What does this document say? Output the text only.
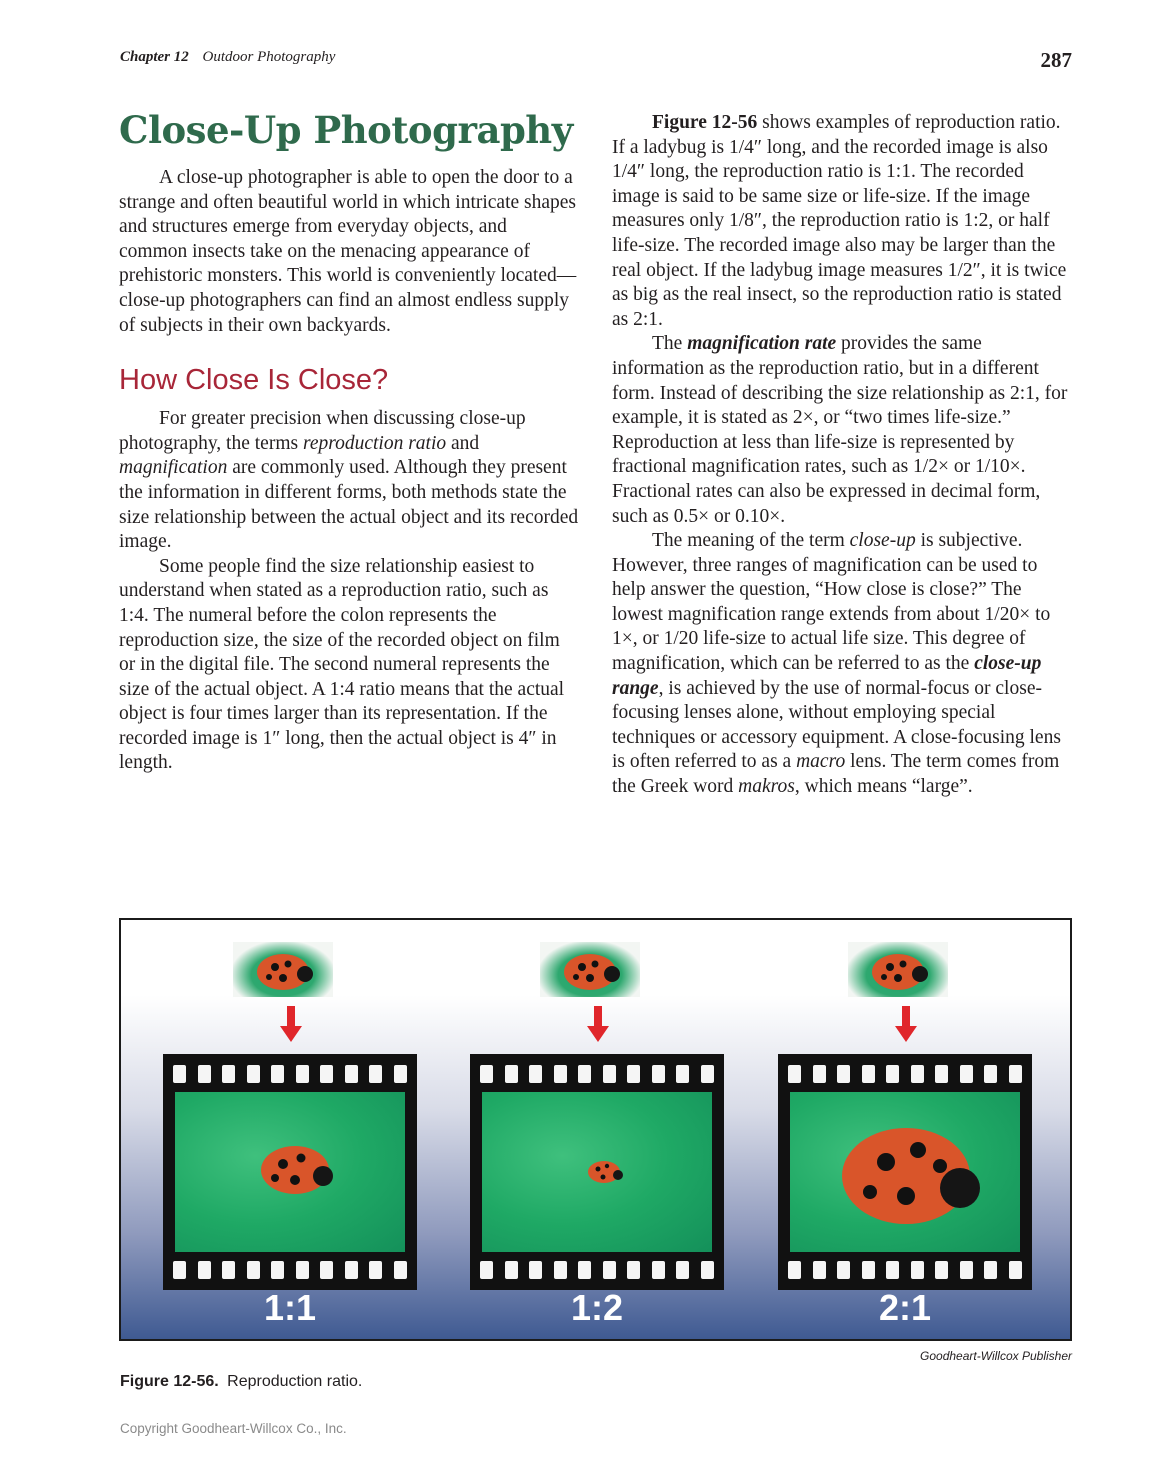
Chapter 12 Outdoor Photography	287
Close-Up Photography

A close-up photographer is able to open the door to a strange and often beautiful world in which intricate shapes and structures emerge from everyday objects, and common insects take on the menacing appearance of prehistoric monsters. This world is conveniently located—close-up photographers can find an almost endless supply of subjects in their own backyards.

How Close Is Close?

For greater precision when discussing close-up photography, the terms reproduction ratio and magnification are commonly used. Although they present the information in different forms, both methods state the size relationship between the actual object and its recorded image.

Some people find the size relationship easiest to understand when stated as a reproduction ratio, such as 1:4. The numeral before the colon represents the reproduction size, the size of the recorded object on film or in the digital file. The second numeral represents the size of the actual object. A 1:4 ratio means that the actual object is four times larger than its representation. If the recorded image is 1″ long, then the actual object is 4″ in length.

Figure 12-56 shows examples of reproduction ratio. If a ladybug is 1/4″ long, and the recorded image is also 1/4″ long, the reproduction ratio is 1:1. The recorded image is said to be same size or life-size. If the image measures only 1/8″, the reproduction ratio is 1:2, or half life-size. The recorded image also may be larger than the real object. If the ladybug image measures 1/2″, it is twice as big as the real insect, so the reproduction ratio is stated as 2:1.

The magnification rate provides the same information as the reproduction ratio, but in a different form. Instead of describing the size relationship as 2:1, for example, it is stated as 2×, or “two times life-size.” Reproduction at less than life-size is represented by fractional magnification rates, such as 1/2× or 1/10×. Fractional rates can also be expressed in decimal form, such as 0.5× or 0.10×.

The meaning of the term close-up is subjective. However, three ranges of magnification can be used to help answer the question, “How close is close?” The lowest magnification range extends from about 1/20× to 1×, or 1/20 life-size to actual life size. This degree of magnification, which can be referred to as the close-up range, is achieved by the use of normal-focus or close-focusing lenses alone, without employing special techniques or accessory equipment. A close-focusing lens is often referred to as a macro lens. The term comes from the Greek word makros, which means “large”.

1:1	1:2	2:1
Goodheart-Willcox Publisher
Figure 12-56. Reproduction ratio.
Copyright Goodheart-Willcox Co., Inc.
